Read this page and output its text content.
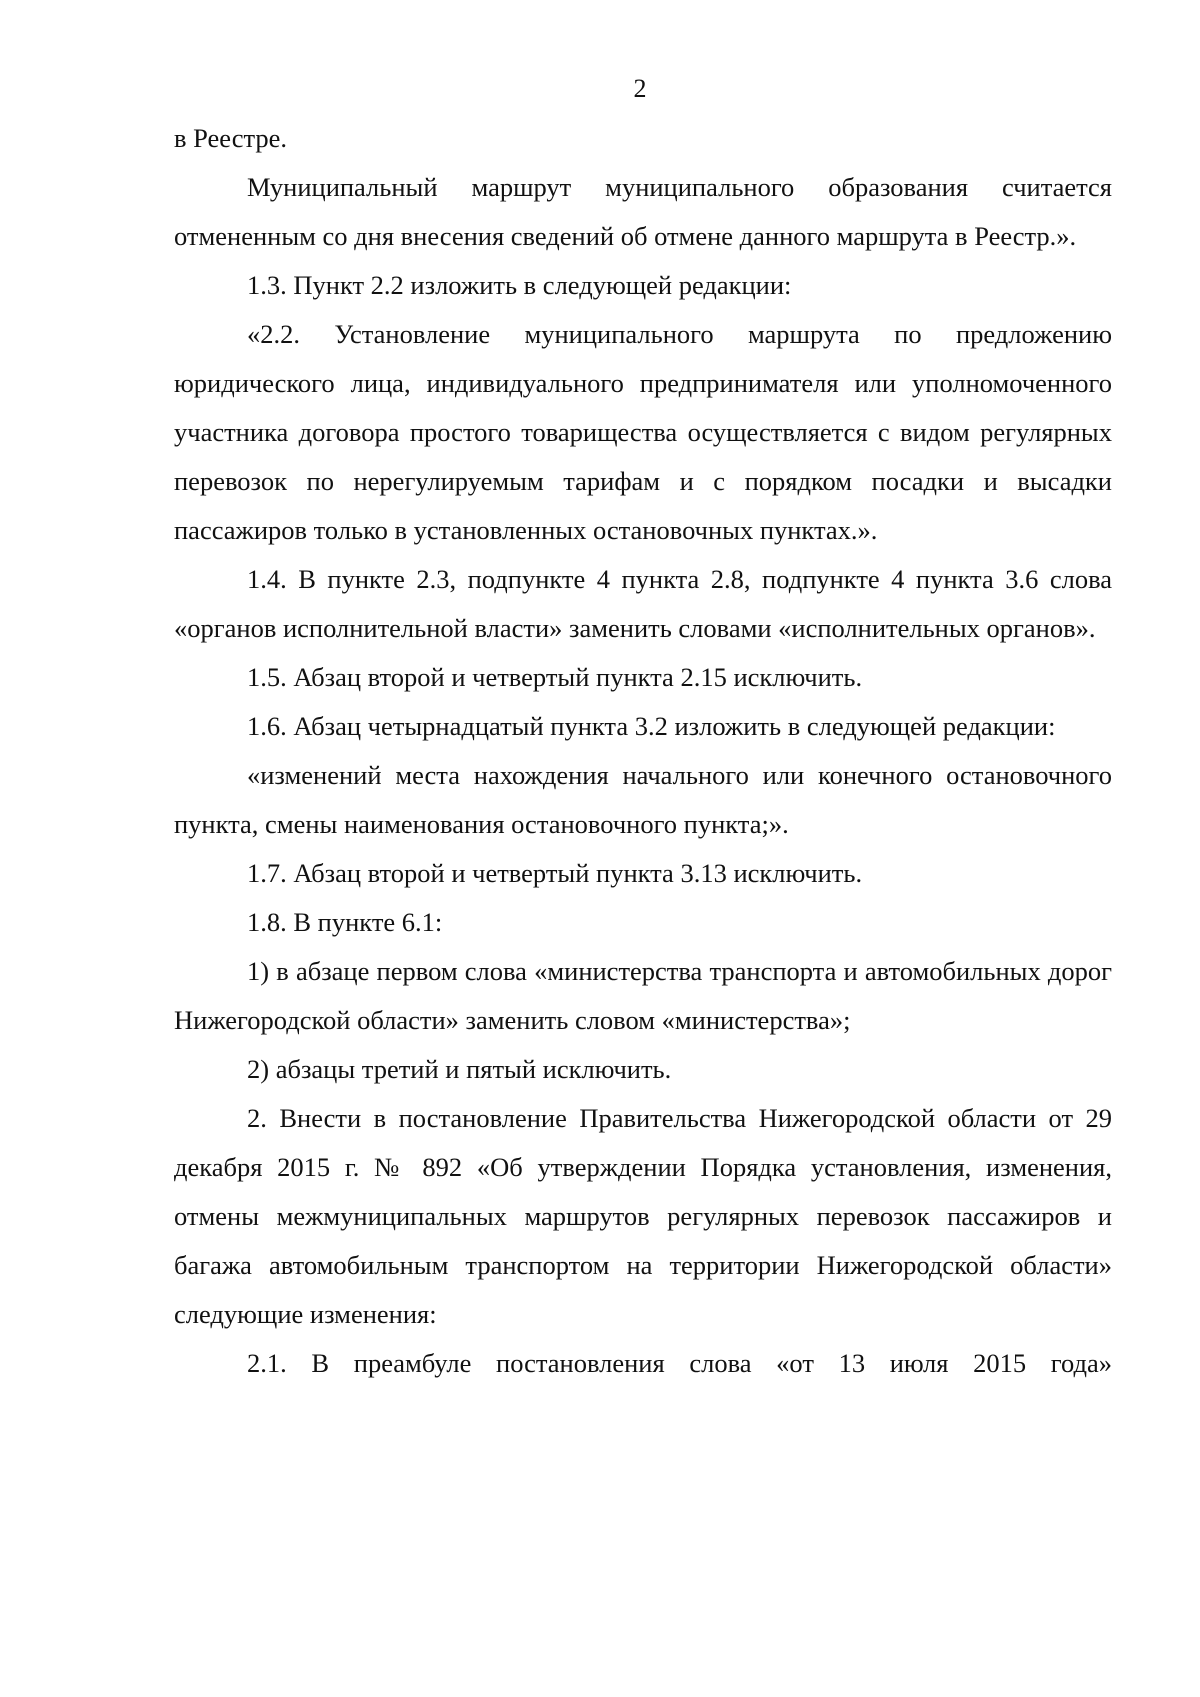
2

в Реестре.

Муниципальный маршрут муниципального образования считается отмененным со дня внесения сведений об отмене данного маршрута в Реестр.».

1.3. Пункт 2.2 изложить в следующей редакции:

«2.2. Установление муниципального маршрута по предложению юридического лица, индивидуального предпринимателя или уполномоченного участника договора простого товарищества осуществляется с видом регулярных перевозок по нерегулируемым тарифам и с порядком посадки и высадки пассажиров только в установленных остановочных пунктах.».

1.4. В пункте 2.3, подпункте 4 пункта 2.8, подпункте 4 пункта 3.6 слова «органов исполнительной власти» заменить словами «исполнительных органов».

1.5. Абзац второй и четвертый пункта 2.15 исключить.

1.6. Абзац четырнадцатый пункта 3.2 изложить в следующей редакции:

«изменений места нахождения начального или конечного остановочного пункта, смены наименования остановочного пункта;».

1.7. Абзац второй и четвертый пункта 3.13 исключить.

1.8. В пункте 6.1:

1) в абзаце первом слова «министерства транспорта и автомобильных дорог Нижегородской области» заменить словом «министерства»;

2) абзацы третий и пятый исключить.

2. Внести в постановление Правительства Нижегородской области от 29 декабря 2015 г. № 892 «Об утверждении Порядка установления, изменения, отмены межмуниципальных маршрутов регулярных перевозок пассажиров и багажа автомобильным транспортом на территории Нижегородской области» следующие изменения:

2.1. В преамбуле постановления слова «от 13 июля 2015 года»
